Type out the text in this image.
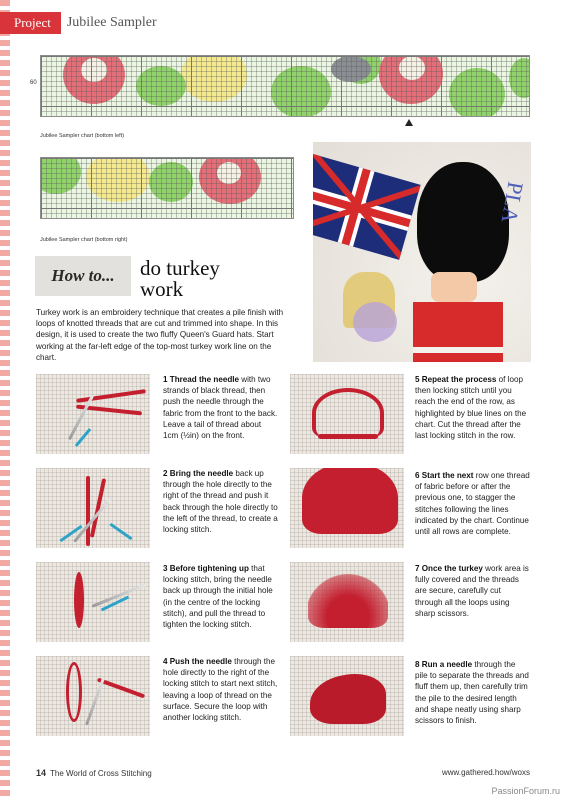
Project	Jubilee Sampler
60
Jubilee Sampler chart (bottom left)
Jubilee Sampler chart (bottom right)
PLA
How to... do turkey
work
Turkey work is an embroidery technique that creates a pile finish with loops of knotted threads that are cut and trimmed into shape. In this design, it is used to create the two fluffy Queen's Guard hats. Start working at the far-left edge of the top-most turkey work line on the chart.
1 Thread the needle with two strands of black thread, then push the needle through the fabric from the front to the back. Leave a tail of thread about 1cm (½in) on the front.
2 Bring the needle back up through the hole directly to the right of the thread and push it back through the hole directly to the left of the thread, to create a locking stitch.
3 Before tightening up that locking stitch, bring the needle back up through the initial hole (in the centre of the locking stitch), and pull the thread to tighten the locking stitch.
4 Push the needle through the hole directly to the right of the locking stitch to start next stitch, leaving a loop of thread on the surface. Secure the loop with another locking stitch.
5 Repeat the process of loop then locking stitch until you reach the end of the row, as highlighted by blue lines on the chart. Cut the thread after the last locking stitch in the row.
6 Start the next row one thread of fabric before or after the previous one, to stagger the stitches following the lines indicated by the chart. Continue until all rows are complete.
7 Once the turkey work area is fully covered and the threads are secure, carefully cut through all the loops using sharp scissors.
8 Run a needle through the pile to separate the threads and fluff them up, then carefully trim the pile to the desired length and shape neatly using sharp scissors to finish.
14 The World of Cross Stitching	www.gathered.how/woxs
PassionForum.ru
